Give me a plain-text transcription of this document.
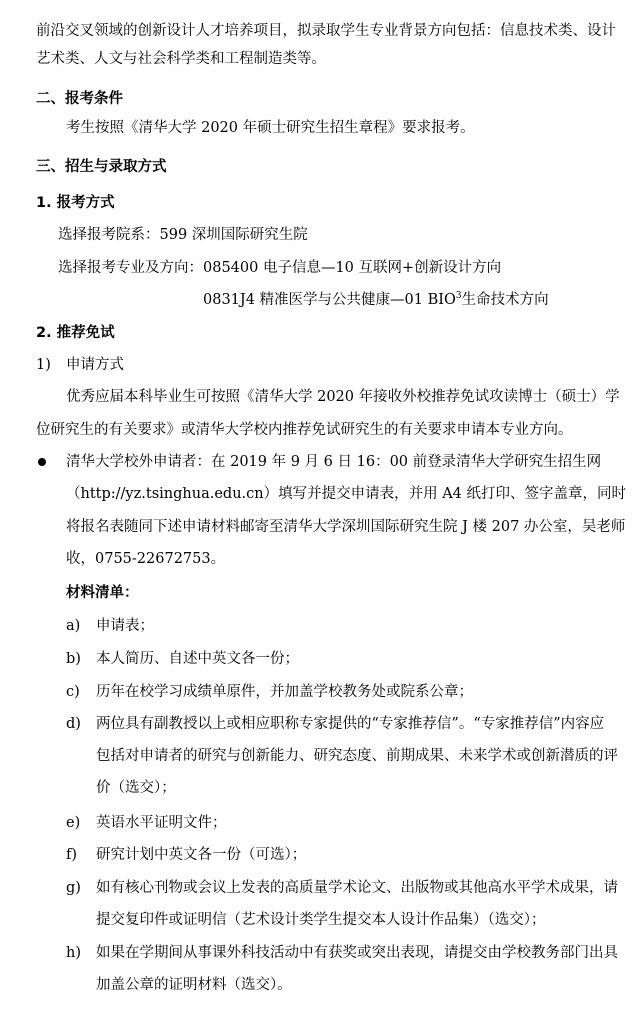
前沿交叉领域的创新设计人才培养项目，拟录取学生专业背景方向包括：信息技术类、设计
艺术类、人文与社会科学类和工程制造类等。
二、报考条件
考生按照《清华大学 2020 年硕士研究生招生章程》要求报考。
三、招生与录取方式
1. 报考方式
选择报考院系：599 深圳国际研究生院
选择报考专业及方向：085400 电子信息—10 互联网+创新设计方向
0831J4 精准医学与公共健康—01 BIO$^3$生命技术方向
2. 推荐免试
1) 申请方式
优秀应届本科毕业生可按照《清华大学 2020 年接收外校推荐免试攻读博士（硕士）学
位研究生的有关要求》或清华大学校内推荐免试研究生的有关要求申请本专业方向。
清华大学校外申请者：在 2019 年 9 月 6 日 16：00 前登录清华大学研究生招生网
（http://yz.tsinghua.edu.cn）填写并提交申请表，并用 A4 纸打印、签字盖章，同时
将报名表随同下述申请材料邮寄至清华大学深圳国际研究生院 J 楼 207 办公室，吴老师
收，0755-22672753。
材料清单：
a) 申请表；
b) 本人简历、自述中英文各一份；
c) 历年在校学习成绩单原件，并加盖学校教务处或院系公章；
d) 两位具有副教授以上或相应职称专家提供的“专家推荐信”。“专家推荐信”内容应
包括对申请者的研究与创新能力、研究态度、前期成果、未来学术或创新潜质的评
价（选交）；
e) 英语水平证明文件；
f) 研究计划中英文各一份（可选）；
g) 如有核心刊物或会议上发表的高质量学术论文、出版物或其他高水平学术成果，请
提交复印件或证明信（艺术设计类学生提交本人设计作品集）（选交）；
h) 如果在学期间从事课外科技活动中有获奖或突出表现，请提交由学校教务部门出具
加盖公章的证明材料（选交）。
